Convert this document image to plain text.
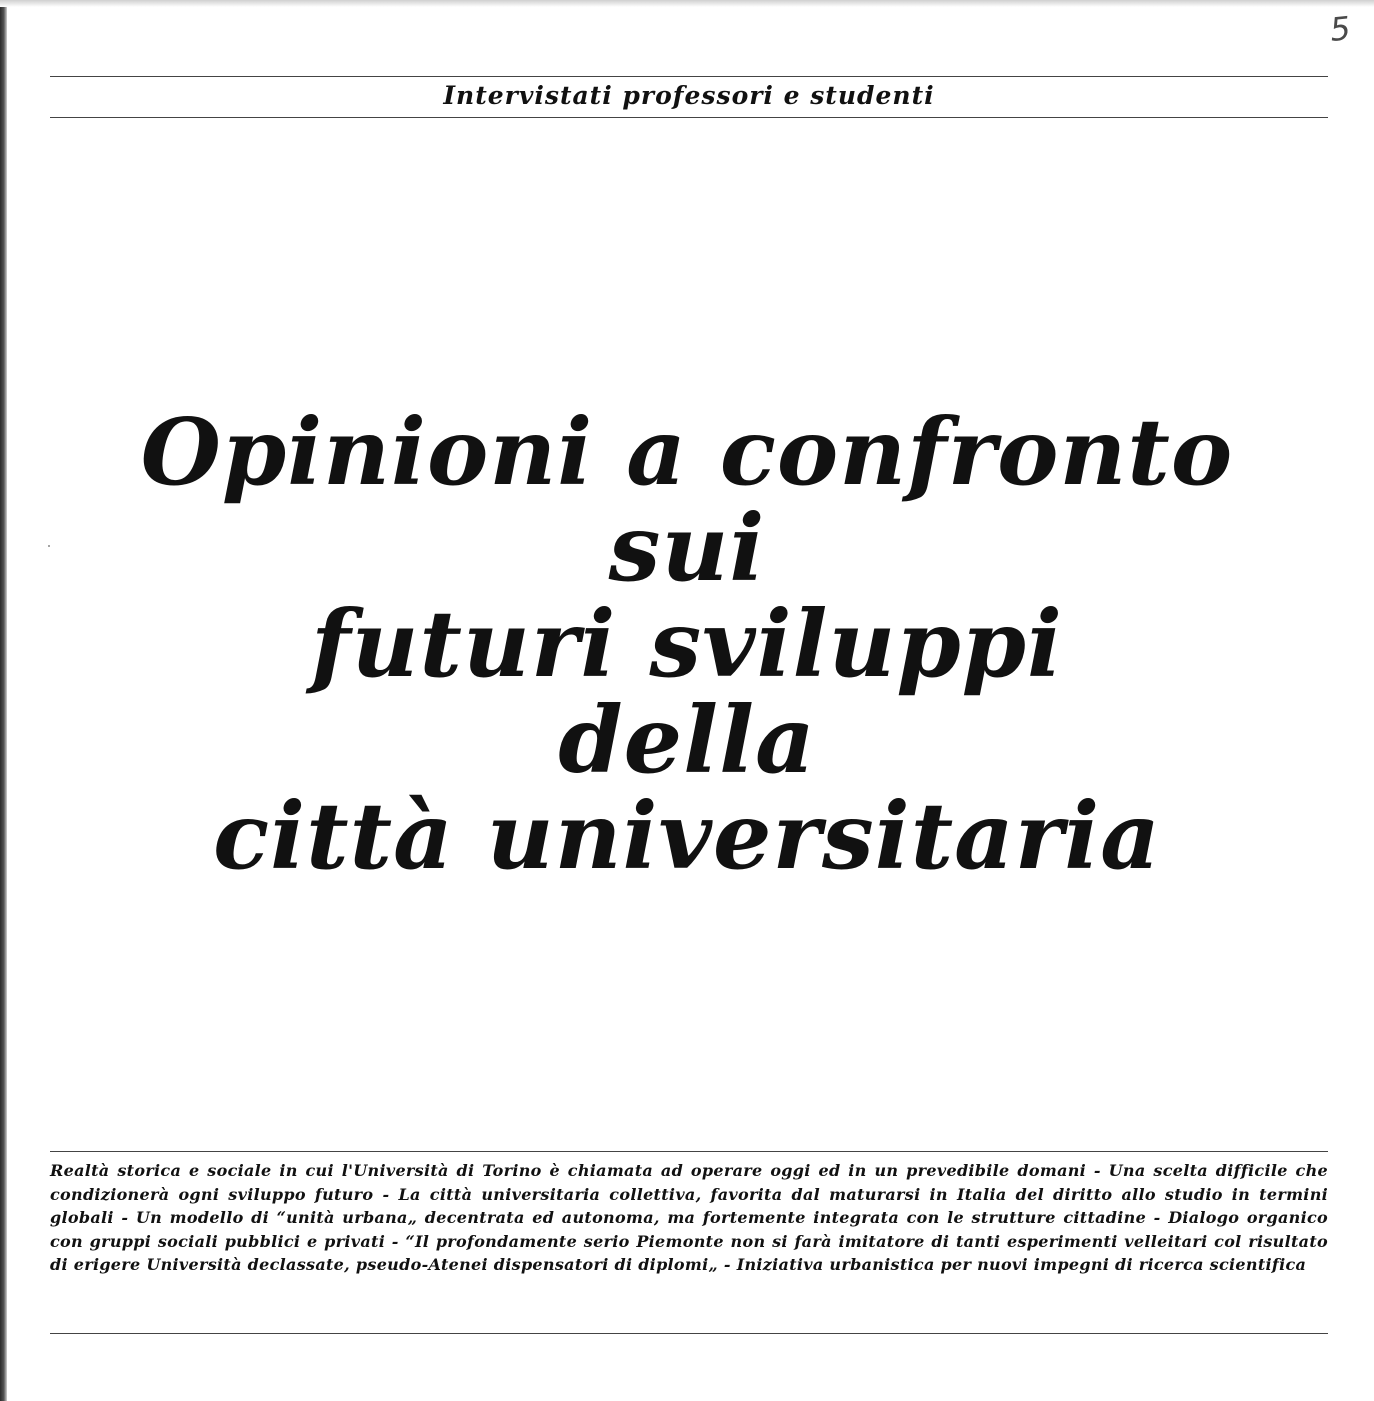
5
Intervistati professori e studenti
Opinioni a confronto
sui
futuri sviluppi
della
città universitaria

Realtà storica e sociale in cui l'Università di Torino è chiamata ad operare oggi ed in un prevedibile domani - Una scelta difficile che condizionerà ogni sviluppo futuro - La città universitaria collettiva, favorita dal maturarsi in Italia del diritto allo studio in termini globali - Un modello di “unità urbana„ decentrata ed autonoma, ma fortemente integrata con le strutture cittadine - Dialogo organico con gruppi sociali pubblici e privati - “Il profondamente serio Piemonte non si farà imitatore di tanti esperimenti velleitari col risultato di erigere Università declassate, pseudo-Atenei dispensatori di diplomi„ - Iniziativa urbanistica per nuovi impegni di ricerca scientifica
